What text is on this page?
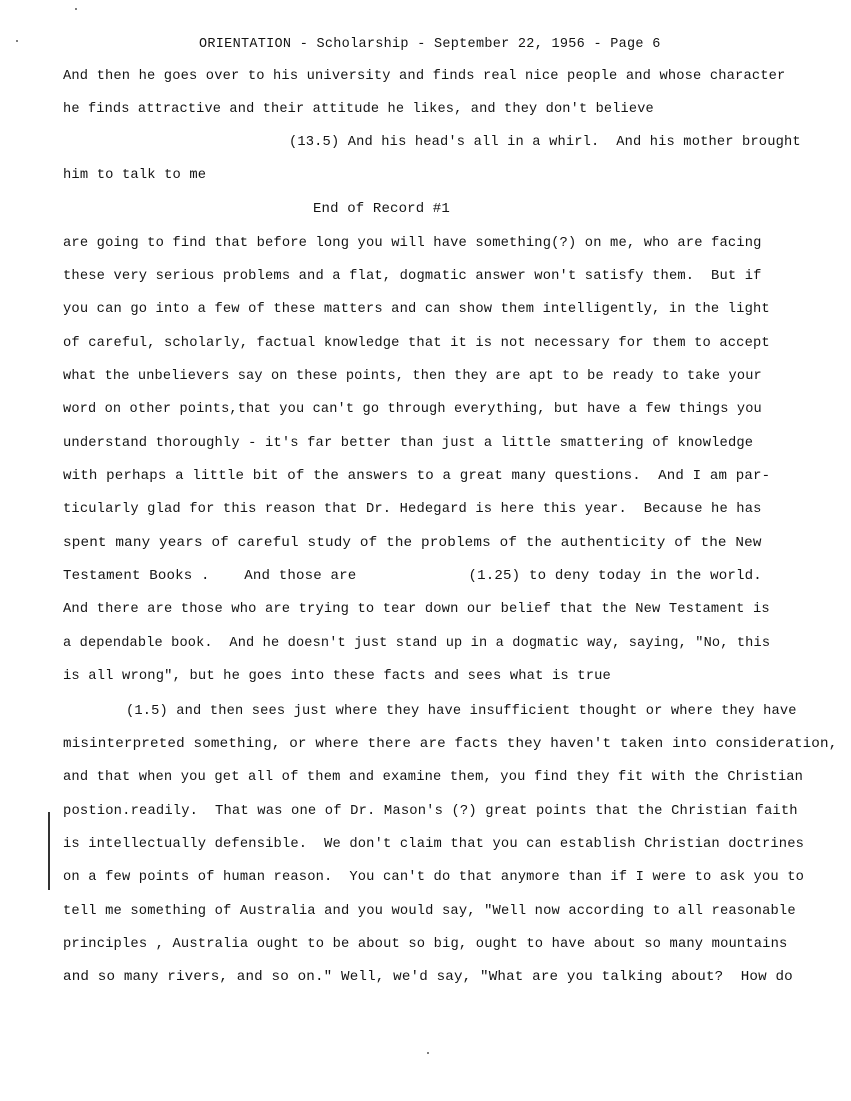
ORIENTATION - Scholarship - September 22, 1956 - Page 6
And then he goes over to his university and finds real nice people and whose character
he finds attractive and their attitude he likes, and they don't believe
(13.5) And his head's all in a whirl.  And his mother brought
him to talk to me
End of Record #1
are going to find that before long you will have something(?) on me, who are facing
these very serious problems and a flat, dogmatic answer won't satisfy them.  But if
you can go into a few of these matters and can show them intelligently, in the light
of careful, scholarly, factual knowledge that it is not necessary for them to accept
what the unbelievers say on these points, then they are apt to be ready to take your
word on other points,that you can't go through everything, but have a few things you
understand thoroughly - it's far better than just a little smattering of knowledge
with perhaps a little bit of the answers to a great many questions.  And I am par-
ticularly glad for this reason that Dr. Hedegard is here this year.  Because he has
spent many years of careful study of the problems of the authenticity of the New
Testament Books .    And those are             (1.25) to deny today in the world.
And there are those who are trying to tear down our belief that the New Testament is
a dependable book.  And he doesn't just stand up in a dogmatic way, saying, "No, this
is all wrong", but he goes into these facts and sees what is true
(1.5) and then sees just where they have insufficient thought or where they have
misinterpreted something, or where there are facts they haven't taken into consideration,
and that when you get all of them and examine them, you find they fit with the Christian
postion.readily.  That was one of Dr. Mason's (?) great points that the Christian faith
is intellectually defensible.  We don't claim that you can establish Christian doctrines
on a few points of human reason.  You can't do that anymore than if I were to ask you to
tell me something of Australia and you would say, "Well now according to all reasonable
principles , Australia ought to be about so big, ought to have about so many mountains
and so many rivers, and so on." Well, we'd say, "What are you talking about?  How do
